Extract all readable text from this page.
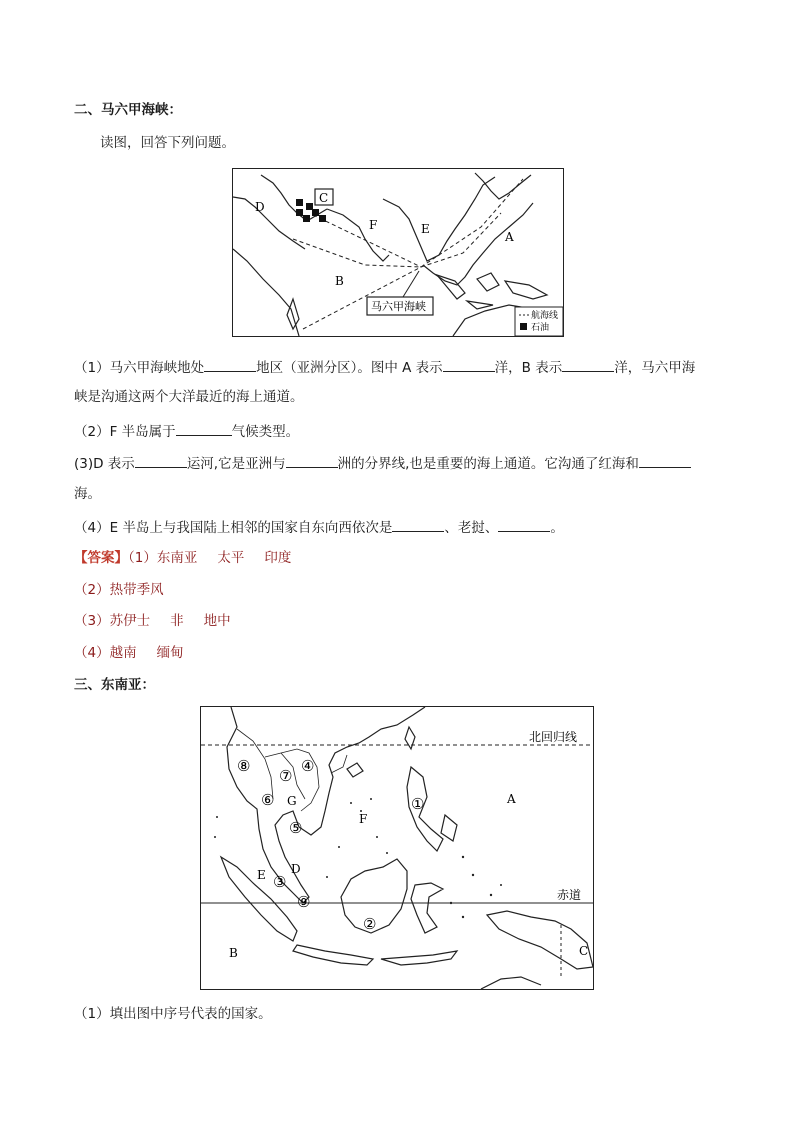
二、马六甲海峡：
读图，回答下列问题。
C
D
F	E
A
B
马六甲海峡
航海线
石油
（1）马六甲海峡地处	地区（亚洲分区）。图中 A 表示	洋，B 表示	洋，马六甲海
峡是沟通这两个大洋最近的海上通道。
（2）F 半岛属于	气候类型。
(3)D 表示	运河,它是亚洲与	洲的分界线,也是重要的海上通道。它沟通了红海和
海。
（4）E 半岛上与我国陆上相邻的国家自东向西依次是	、老挝、	。
【答案】（1）东南亚 太平 印度
（2）热带季风
（3）苏伊士 非 地中
（4）越南 缅甸
三、东南亚：
北回归线
赤道
A
B	C
D
E
F
G	①
②
③
④
⑤
⑥
⑦
⑧
⑨
（1）填出图中序号代表的国家。
